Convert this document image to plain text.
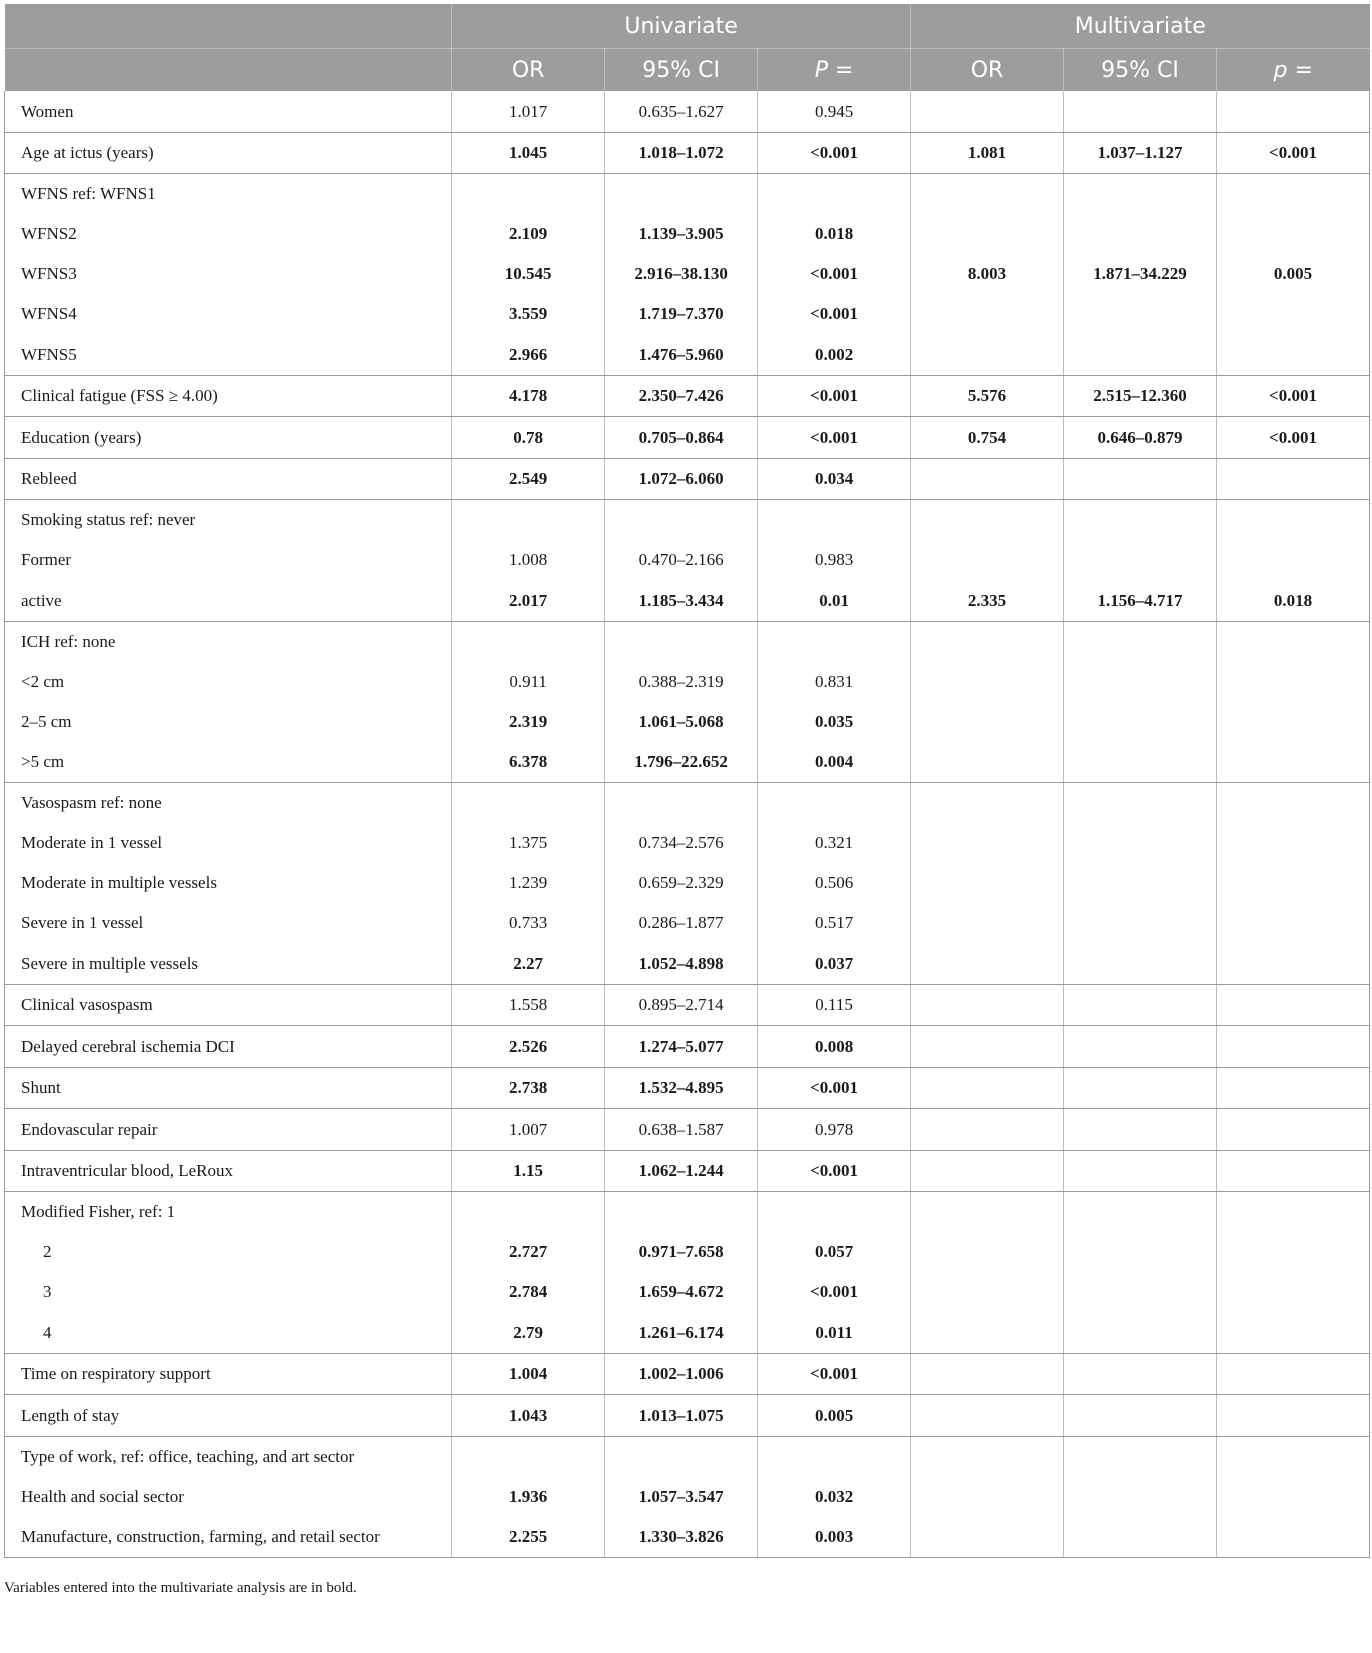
	Univariate			Multivariate		
	OR	95% CI	P =	OR	95% CI	p =
Women	1.017	0.635–1.627	0.945			
Age at ictus (years)	1.045	1.018–1.072	<0.001	1.081	1.037–1.127	<0.001
WFNS ref: WFNS1						
WFNS2	2.109	1.139–3.905	0.018			
WFNS3	10.545	2.916–38.130	<0.001	8.003	1.871–34.229	0.005
WFNS4	3.559	1.719–7.370	<0.001			
WFNS5	2.966	1.476–5.960	0.002			
Clinical fatigue (FSS ≥ 4.00)	4.178	2.350–7.426	<0.001	5.576	2.515–12.360	<0.001
Education (years)	0.78	0.705–0.864	<0.001	0.754	0.646–0.879	<0.001
Rebleed	2.549	1.072–6.060	0.034			
Smoking status ref: never						
Former	1.008	0.470–2.166	0.983			
active	2.017	1.185–3.434	0.01	2.335	1.156–4.717	0.018
ICH ref: none						
<2 cm	0.911	0.388–2.319	0.831			
2–5 cm	2.319	1.061–5.068	0.035			
>5 cm	6.378	1.796–22.652	0.004			
Vasospasm ref: none						
Moderate in 1 vessel	1.375	0.734–2.576	0.321			
Moderate in multiple vessels	1.239	0.659–2.329	0.506			
Severe in 1 vessel	0.733	0.286–1.877	0.517			
Severe in multiple vessels	2.27	1.052–4.898	0.037			
Clinical vasospasm	1.558	0.895–2.714	0.115			
Delayed cerebral ischemia DCI	2.526	1.274–5.077	0.008			
Shunt	2.738	1.532–4.895	<0.001			
Endovascular repair	1.007	0.638–1.587	0.978			
Intraventricular blood, LeRoux	1.15	1.062–1.244	<0.001			
Modified Fisher, ref: 1						
2	2.727	0.971–7.658	0.057			
3	2.784	1.659–4.672	<0.001			
4	2.79	1.261–6.174	0.011			
Time on respiratory support	1.004	1.002–1.006	<0.001			
Length of stay	1.043	1.013–1.075	0.005			
Type of work, ref: office, teaching, and art sector						
Health and social sector	1.936	1.057–3.547	0.032			
Manufacture, construction, farming, and retail sector	2.255	1.330–3.826	0.003			
Variables entered into the multivariate analysis are in bold.
